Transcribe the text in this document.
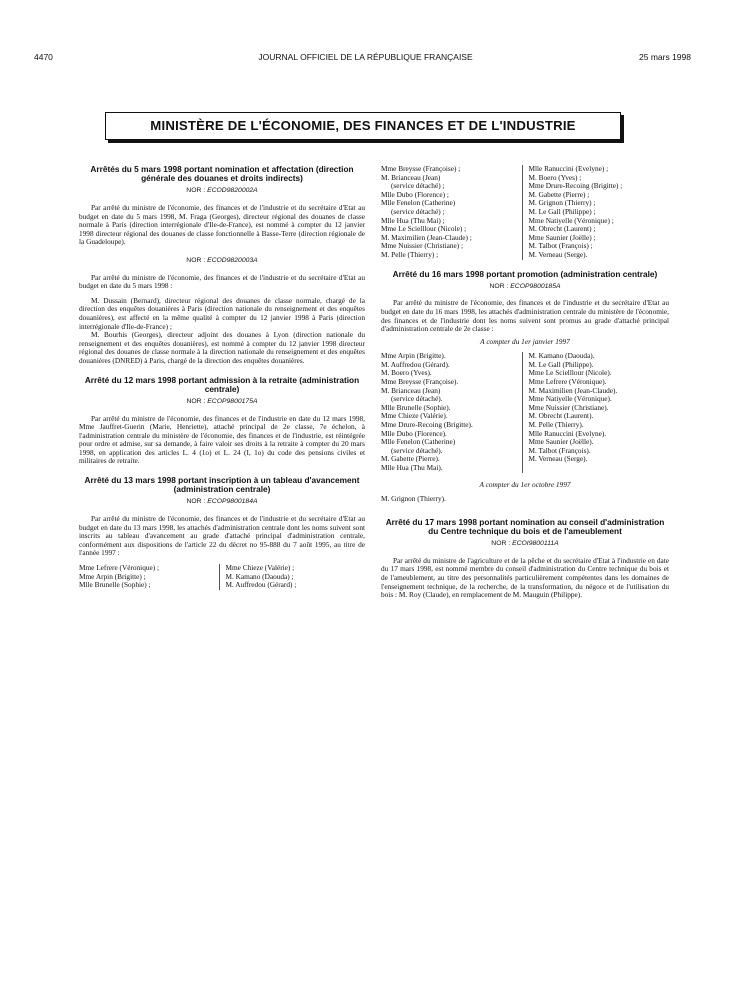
4470	JOURNAL OFFICIEL DE LA RÉPUBLIQUE FRANÇAISE	25 mars 1998
MINISTÈRE DE L'ÉCONOMIE, DES FINANCES ET DE L'INDUSTRIE
Arrêtés du 5 mars 1998 portant nomination et affectation (direction générale des douanes et droits indirects)
NOR : ECOD9820002A

Par arrêté du ministre de l'économie, des finances et de l'industrie et du secrétaire d'Etat au budget en date du 5 mars 1998, M. Fraga (Georges), directeur régional des douanes de classe normale à Paris (direction interrégionale d'Ile-de-France), est nommé à compter du 12 janvier 1998 directeur régional des douanes de classe fonctionnelle à Basse-Terre (direction régionale de la Guadeloupe).

NOR : ECOD9820003A

Par arrêté du ministre de l'économie, des finances et de l'industrie et du secrétaire d'Etat au budget en date du 5 mars 1998 :

M. Dussain (Bernard), directeur régional des douanes de classe normale, chargé de la direction des enquêtes douanières à Paris (direction nationale du renseignement et des enquêtes douanières), est affecté en la même qualité à compter du 12 janvier 1998 à Paris (direction interrégionale d'Ile-de-France) ;

M. Bourhis (Georges), directeur adjoint des douanes à Lyon (direction nationale du renseignement et des enquêtes douanières), est nommé à compter du 12 janvier 1998 directeur régional des douanes de classe normale à la direction nationale du renseignement et des enquêtes douanières (DNRED) à Paris, chargé de la direction des enquêtes douanières.

Arrêté du 12 mars 1998 portant admission à la retraite (administration centrale)
NOR : ECOP9800175A

Par arrêté du ministre de l'économie, des finances et de l'industrie en date du 12 mars 1998, Mme Jauffret-Guerin (Marie, Henriette), attaché principal de 2e classe, 7e échelon, à l'administration centrale du ministère de l'économie, des finances et de l'industrie, est réintégrée pour ordre et admise, sur sa demande, à faire valoir ses droits à la retraite à compter du 20 mars 1998, en application des articles L. 4 (1o) et L. 24 (I, 1o) du code des pensions civiles et militaires de retraite.

Arrêté du 13 mars 1998 portant inscription à un tableau d'avancement (administration centrale)
NOR : ECOP9800184A

Par arrêté du ministre de l'économie, des finances et de l'industrie et du secrétaire d'Etat au budget en date du 13 mars 1998, les attachés d'administration centrale dont les noms suivent sont inscrits au tableau d'avancement au grade d'attaché principal d'administration centrale, conformément aux dispositions de l'article 22 du décret no 95-888 du 7 août 1995, au titre de l'année 1997 :

Mme Lefrere (Véronique) ;
Mme Arpin (Brigitte) ;
Mlle Brunelle (Sophie) ;
Mme Chieze (Valérie) ;
M. Kamano (Daouda) ;
M. Auffredou (Gérard) ;
Mme Breysse (Françoise) ;
M. Brianceau (Jean)
(service détaché) ;
Mlle Dubo (Florence) ;
Mlle Fenelon (Catherine)
(service détaché) ;
Mlle Hua (Thu Mai) ;
Mme Le Scielllour (Nicole) ;
M. Maximilien (Jean-Claude) ;
Mme Nuissier (Christiane) ;
M. Pelle (Thierry) ;
Mlle Ranuccini (Evelyne) ;
M. Boero (Yves) ;
Mme Drure-Recoing (Brigitte) ;
M. Gabette (Pierre) ;
M. Grignon (Thierry) ;
M. Le Gall (Philippe) ;
Mme Natiyelle (Véronique) ;
M. Obrecht (Laurent) ;
Mme Saunier (Joëlle) ;
M. Talbot (François) ;
M. Verneau (Serge).
Arrêté du 16 mars 1998 portant promotion (administration centrale)
NOR : ECOP9800185A

Par arrêté du ministre de l'économie, des finances et de l'industrie et du secrétaire d'Etat au budget en date du 16 mars 1998, les attachés d'administration centrale du ministère de l'économie, des finances et de l'industrie dont les noms suivent sont promus au grade d'attaché principal d'administration centrale de 2e classe :

A compter du 1er janvier 1997
Mme Arpin (Brigitte).
M. Auffredou (Gérard).
M. Boero (Yves).
Mme Breysse (Françoise).
M. Brianceau (Jean)
(service détaché).
Mlle Brunelle (Sophie).
Mme Chieze (Valérie).
Mme Drure-Recoing (Brigitte).
Mlle Dubo (Florence).
Mlle Fenelon (Catherine)
(service détaché).
M. Gabette (Pierre).
Mlle Hua (Thu Mai).
M. Kamano (Daouda).
M. Le Gall (Philippe).
Mme Le Scielllour (Nicole).
Mme Lefrere (Véronique).
M. Maximilien (Jean-Claude).
Mme Natiyelle (Véronique).
Mme Nuissier (Christiane).
M. Obrecht (Laurent).
M. Pelle (Thierry).
Mlle Ranuccini (Evelyne).
Mme Saunier (Joëlle).
M. Talbot (François).
M. Verneau (Serge).
A compter du 1er octobre 1997
M. Grignon (Thierry).
Arrêté du 17 mars 1998 portant nomination au conseil d'administration du Centre technique du bois et de l'ameublement
NOR : ECOI9800111A

Par arrêté du ministre de l'agriculture et de la pêche et du secrétaire d'Etat à l'industrie en date du 17 mars 1998, est nommé membre du conseil d'administration du Centre technique du bois et de l'ameublement, au titre des personnalités particulièrement compétentes dans les domaines de l'enseignement technique, de la recherche, de la transformation, du négoce et de l'utilisation du bois : M. Roy (Claude), en remplacement de M. Mauguin (Philippe).
